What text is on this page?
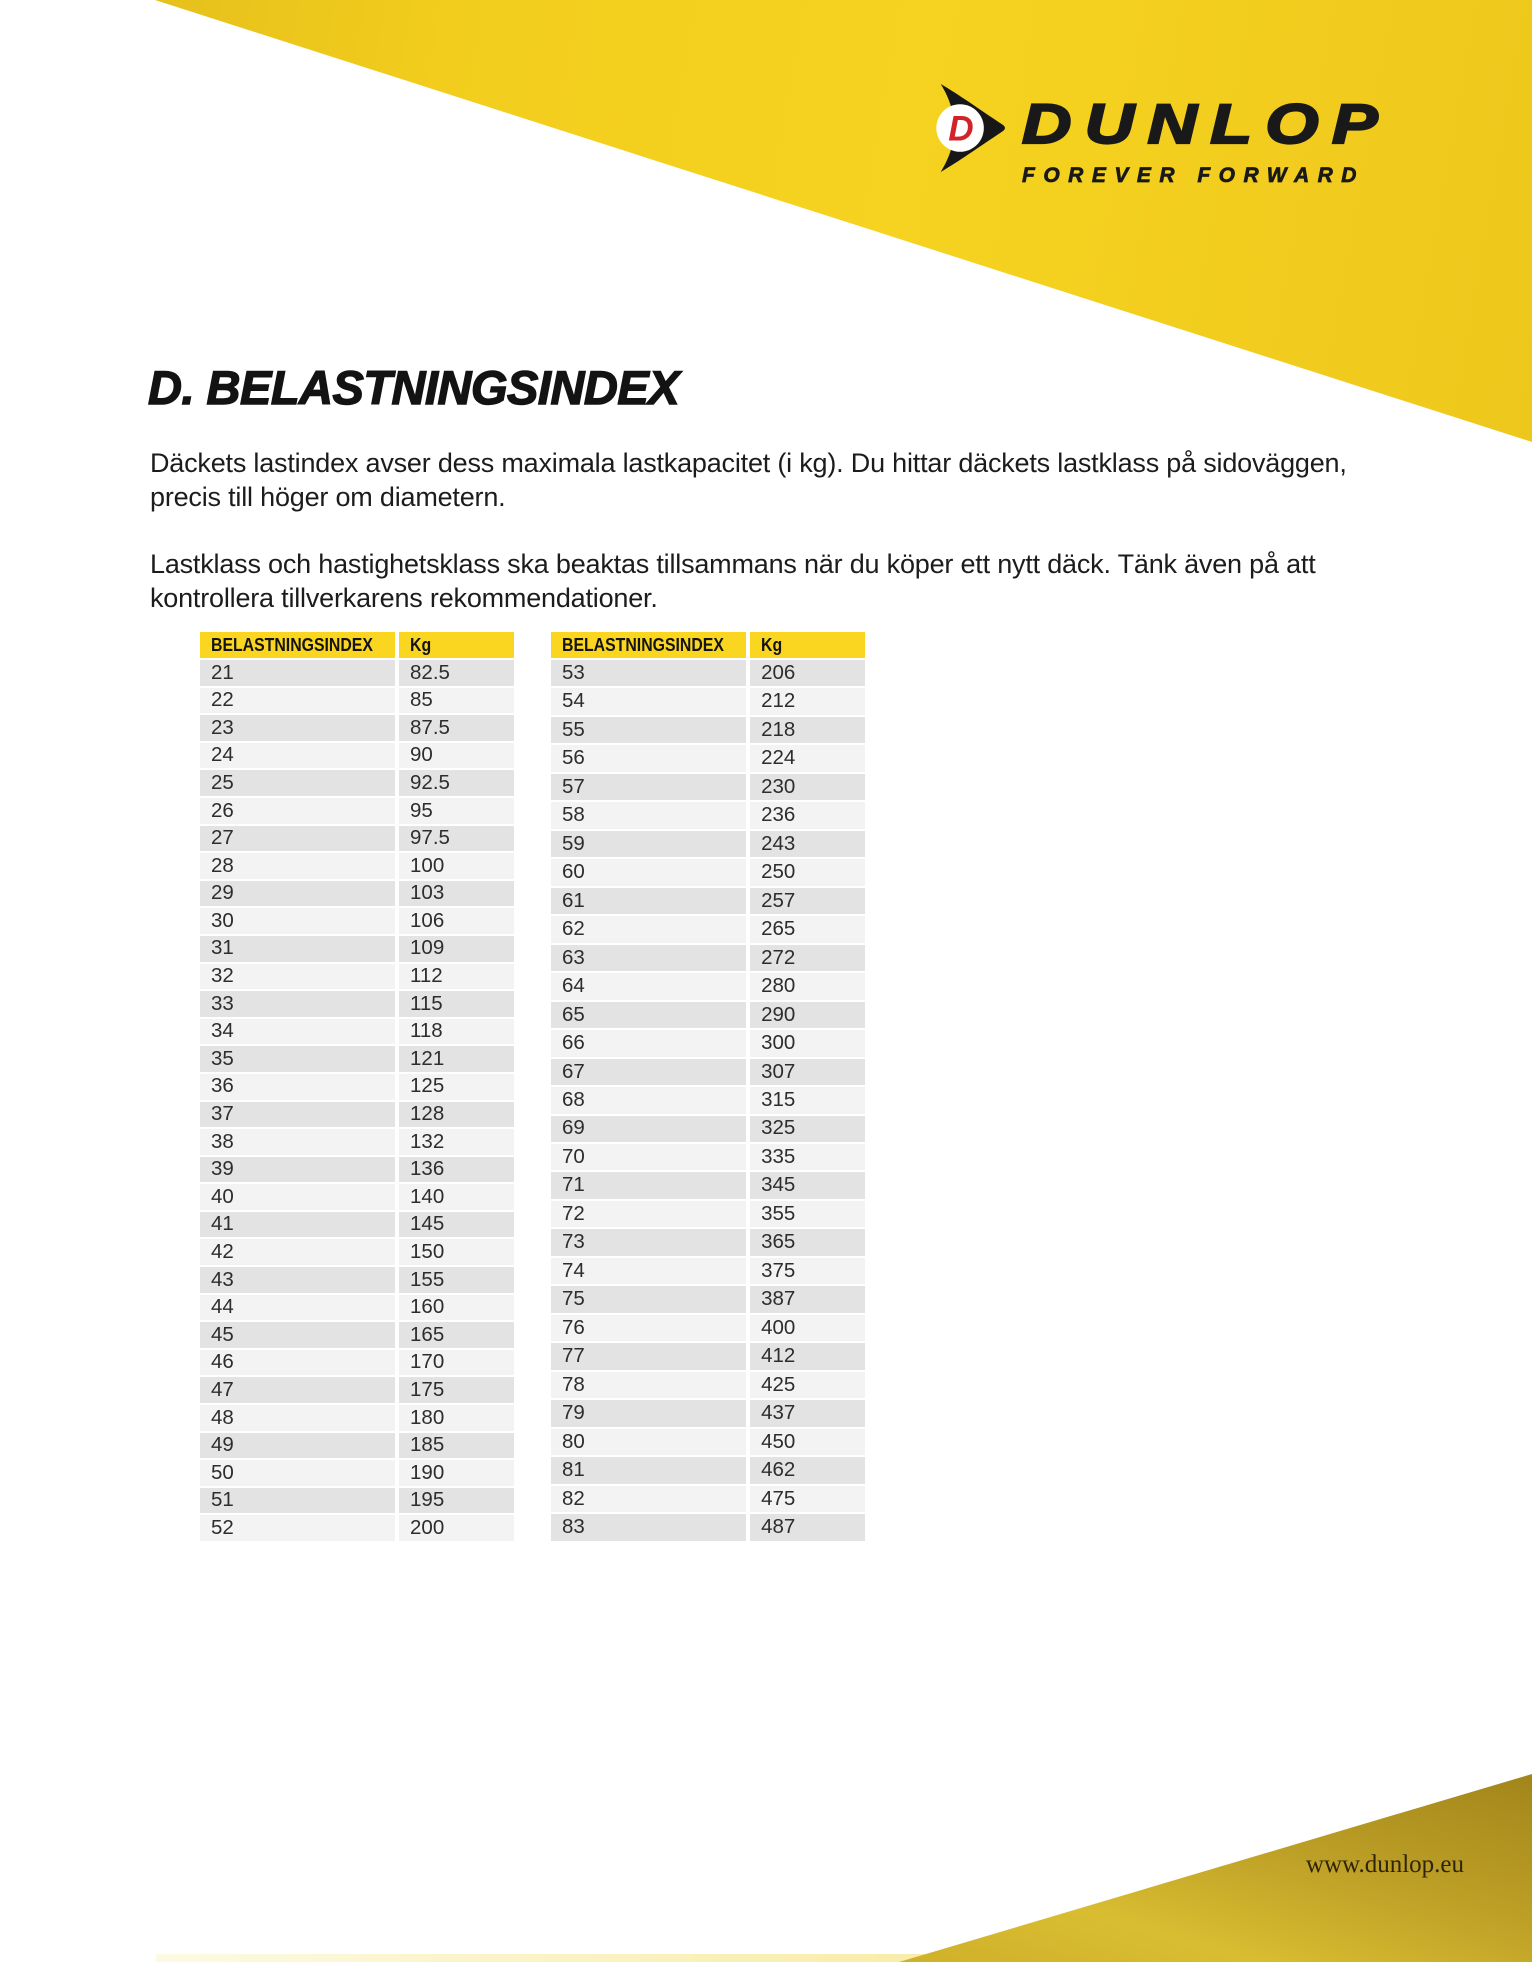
D DUNLOP
FOREVER FORWARD
D. BELASTNINGSINDEX

Däckets lastindex avser dess maximala lastkapacitet (i kg). Du hittar däckets lastklass på sidoväggen, precis till höger om diametern.

Lastklass och hastighetsklass ska beaktas tillsammans när du köper ett nytt däck. Tänk även på att kontrollera tillverkarens rekommendationer.

BELASTNINGSINDEX	Kg
21	82.5
22	85
23	87.5
24	90
25	92.5
26	95
27	97.5
28	100
29	103
30	106
31	109
32	112
33	115
34	118
35	121
36	125
37	128
38	132
39	136
40	140
41	145
42	150
43	155
44	160
45	165
46	170
47	175
48	180
49	185
50	190
51	195
52	200
BELASTNINGSINDEX	Kg
53	206
54	212
55	218
56	224
57	230
58	236
59	243
60	250
61	257
62	265
63	272
64	280
65	290
66	300
67	307
68	315
69	325
70	335
71	345
72	355
73	365
74	375
75	387
76	400
77	412
78	425
79	437
80	450
81	462
82	475
83	487
www.dunlop.eu
